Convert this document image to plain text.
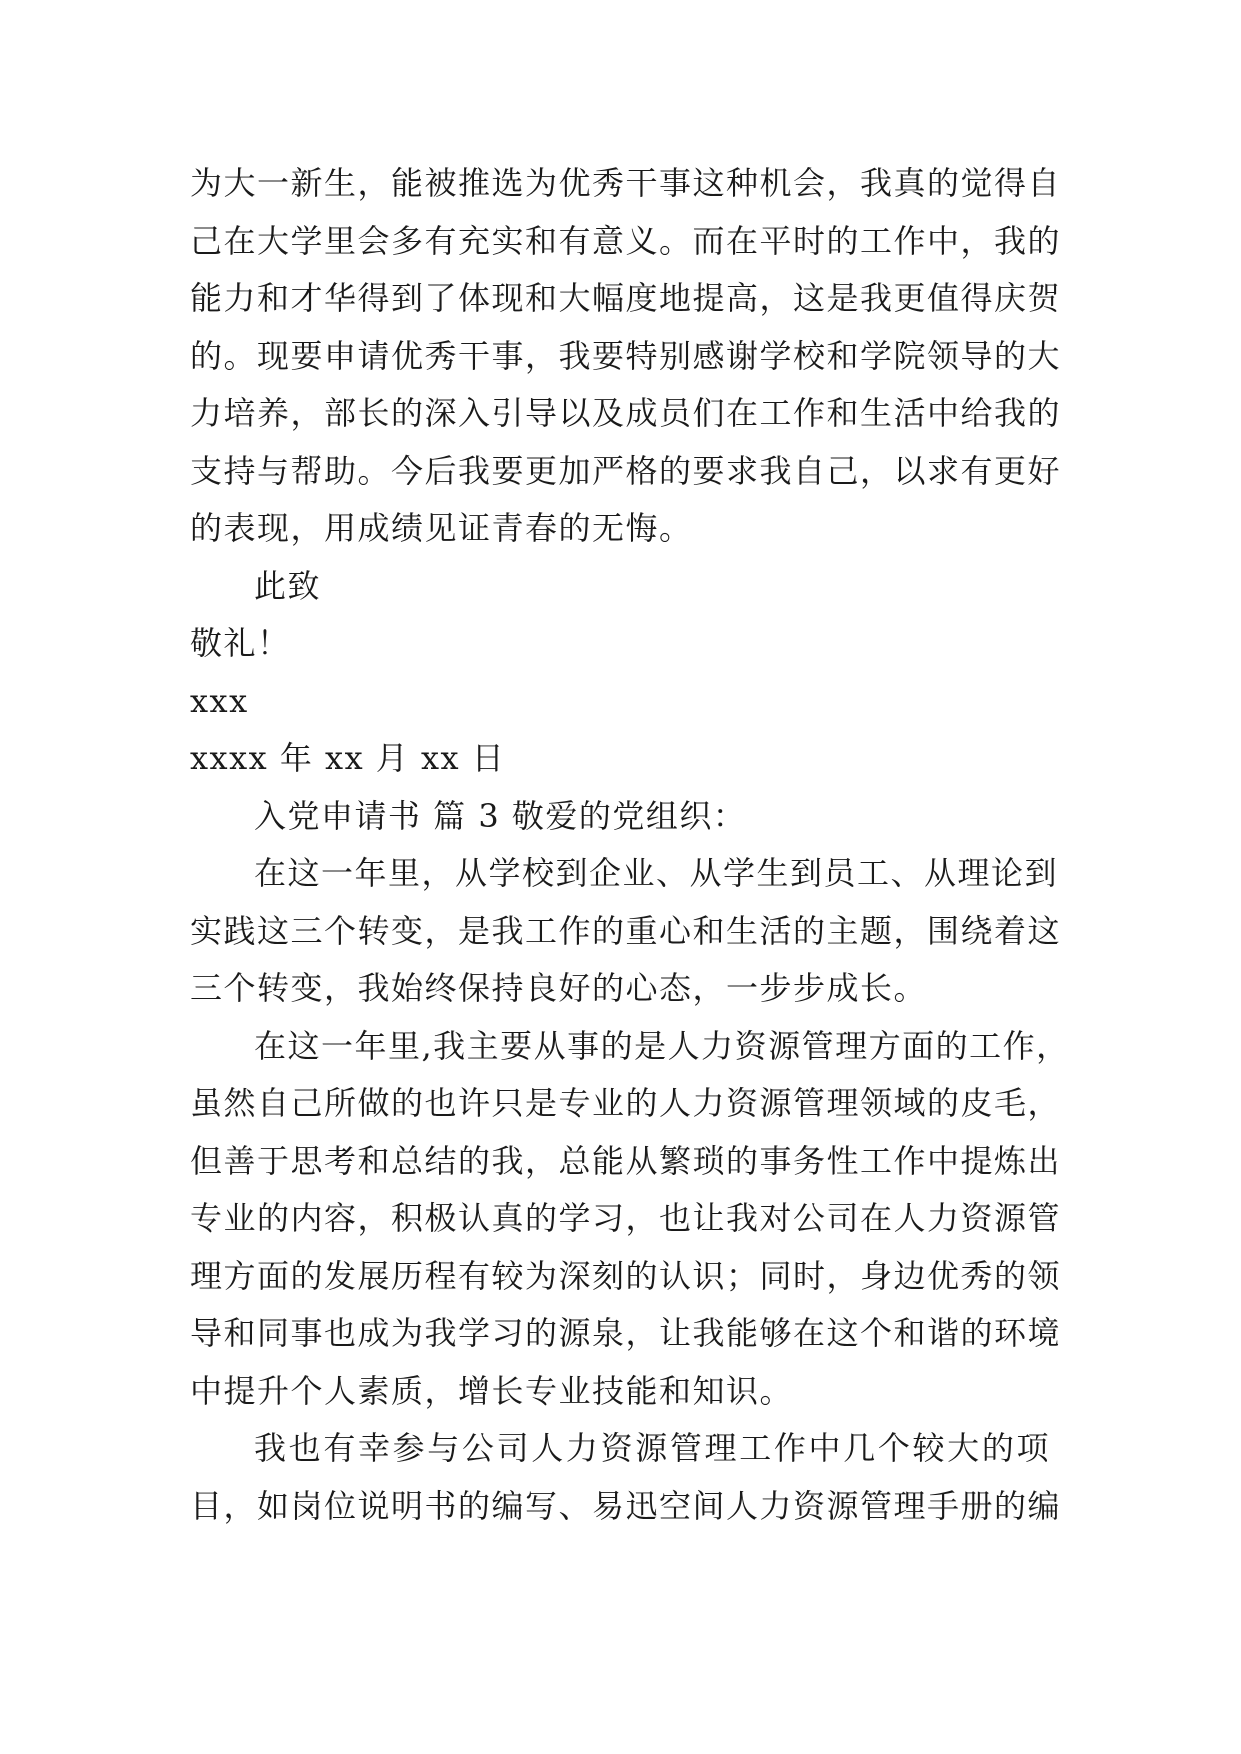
为大一新生，能被推选为优秀干事这种机会，我真的觉得自
己在大学里会多有充实和有意义。而在平时的工作中，我的
能力和才华得到了体现和大幅度地提高，这是我更值得庆贺
的。现要申请优秀干事，我要特别感谢学校和学院领导的大
力培养，部长的深入引导以及成员们在工作和生活中给我的
支持与帮助。今后我要更加严格的要求我自己，以求有更好
的表现，用成绩见证青春的无悔。
此致
敬礼！
xxx
xxxx 年 xx 月 xx 日
入党申请书 篇 3 敬爱的党组织：
在这一年里，从学校到企业、从学生到员工、从理论到
实践这三个转变，是我工作的重心和生活的主题，围绕着这
三个转变，我始终保持良好的心态，一步步成长。
在这一年里,我主要从事的是人力资源管理方面的工作，
虽然自己所做的也许只是专业的人力资源管理领域的皮毛，
但善于思考和总结的我，总能从繁琐的事务性工作中提炼出
专业的内容，积极认真的学习，也让我对公司在人力资源管
理方面的发展历程有较为深刻的认识；同时，身边优秀的领
导和同事也成为我学习的源泉，让我能够在这个和谐的环境
中提升个人素质，增长专业技能和知识。
我也有幸参与公司人力资源管理工作中几个较大的项
目，如岗位说明书的编写、易迅空间人力资源管理手册的编
